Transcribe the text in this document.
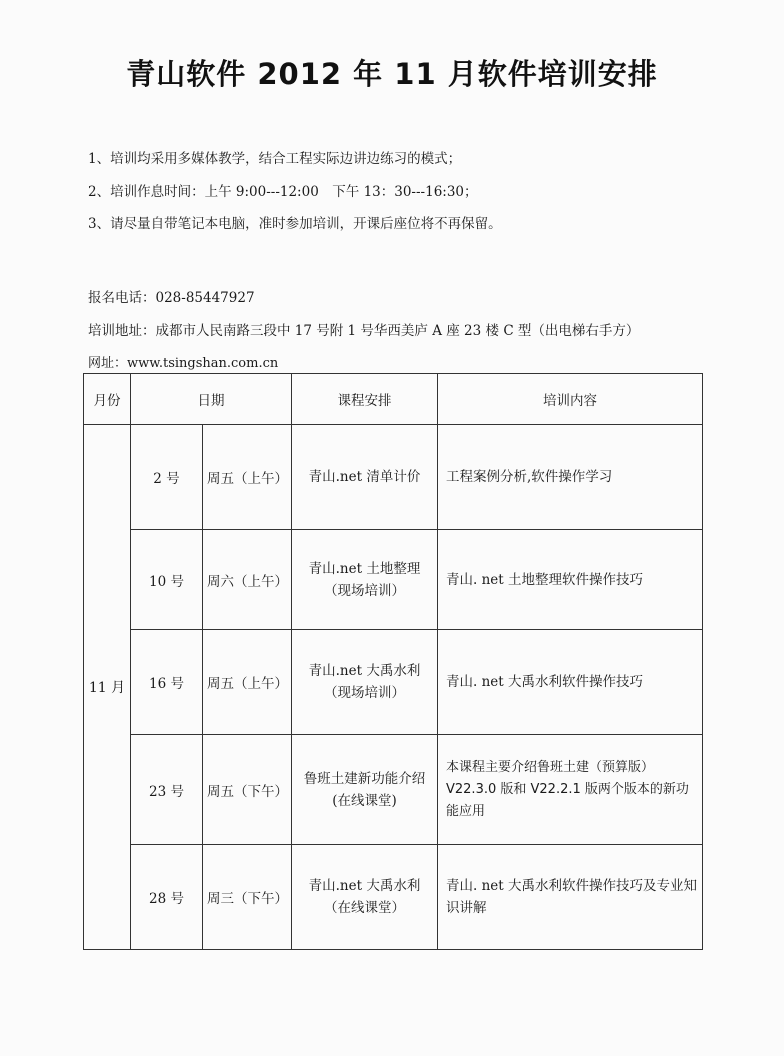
青山软件 2012 年 11 月软件培训安排
1、培训均采用多媒体教学，结合工程实际边讲边练习的模式；
2、培训作息时间：上午 9:00---12:00　下午 13：30---16:30；
3、请尽量自带笔记本电脑，准时参加培训，开课后座位将不再保留。
报名电话：028-85447927
培训地址：成都市人民南路三段中 17 号附 1 号华西美庐 A 座 23 楼 C 型（出电梯右手方）
网址：www.tsingshan.com.cn
月份	日期		课程安排	培训内容
11 月	2 号	周五（上午）	青山.net 清单计价	工程案例分析,软件操作学习
	10 号	周六（上午）	青山.net 土地整理（现场培训）	青山. net 土地整理软件操作技巧
	16 号	周五（上午）	青山.net 大禹水利（现场培训）	青山. net 大禹水利软件操作技巧
	23 号	周五（下午）	鲁班土建新功能介绍(在线课堂)	本课程主要介绍鲁班土建（预算版）V22.3.0 版和 V22.2.1 版两个版本的新功能应用
	28 号	周三（下午）	青山.net 大禹水利（在线课堂）	青山. net 大禹水利软件操作技巧及专业知识讲解
